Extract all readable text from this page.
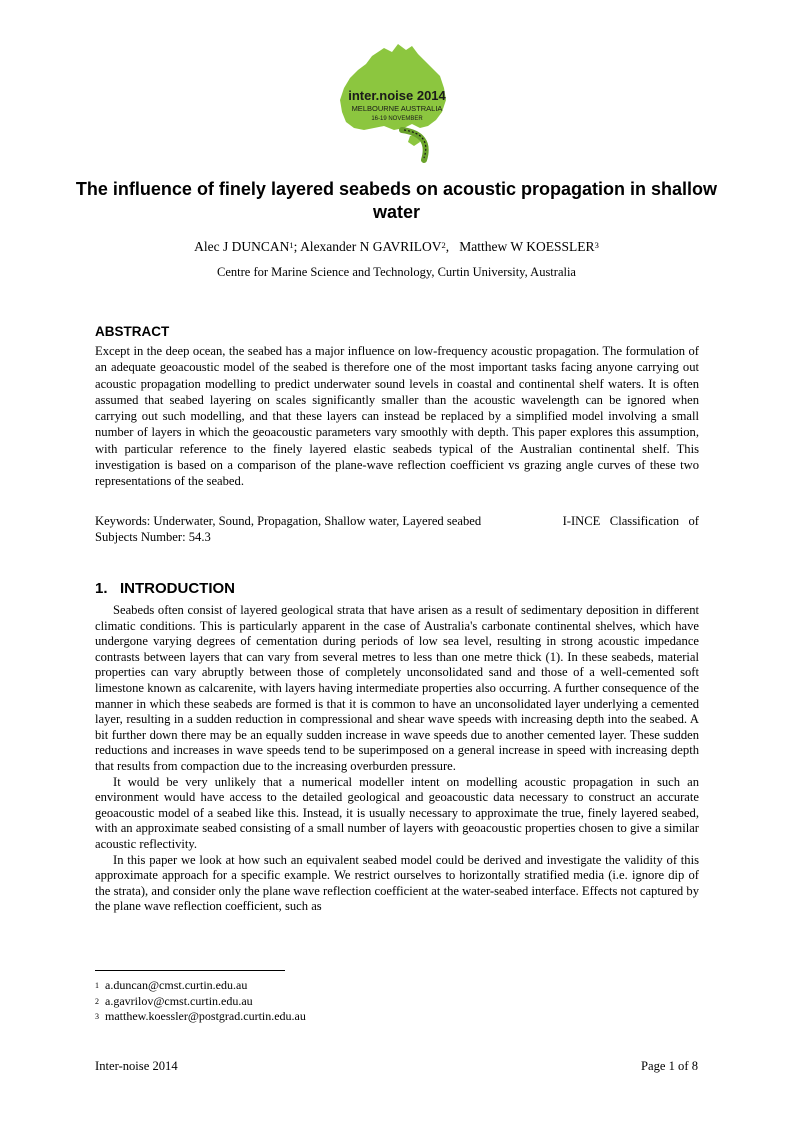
inter.noise 2014
MELBOURNE AUSTRALIA
16-19 NOVEMBER
The influence of finely layered seabeds on acoustic propagation in shallow water
Alec J DUNCAN$^1$; Alexander N GAVRILOV$^2$,   Matthew W KOESSLER$^3$
Centre for Marine Science and Technology, Curtin University, Australia
ABSTRACT
Except in the deep ocean, the seabed has a major influence on low-frequency acoustic propagation. The formulation of an adequate geoacoustic model of the seabed is therefore one of the most important tasks facing anyone carrying out acoustic propagation modelling to predict underwater sound levels in coastal and continental shelf waters. It is often assumed that seabed layering on scales significantly smaller than the acoustic wavelength can be ignored when carrying out such modelling, and that these layers can instead be replaced by a simplified model involving a small number of layers in which the geoacoustic parameters vary smoothly with depth. This paper explores this assumption, with particular reference to the finely layered elastic seabeds typical of the Australian continental shelf. This investigation is based on a comparison of the plane-wave reflection coefficient vs grazing angle curves of these two representations of the seabed.
Keywords: Underwater, Sound, Propagation, Shallow water, Layered seabed	I-INCE   Classification   of
Subjects Number: 54.3
1.   INTRODUCTION

Seabeds often consist of layered geological strata that have arisen as a result of sedimentary deposition in different climatic conditions. This is particularly apparent in the case of Australia's carbonate continental shelves, which have undergone varying degrees of cementation during periods of low sea level, resulting in strong acoustic impedance contrasts between layers that can vary from several metres to less than one metre thick (1). In these seabeds, material properties can vary abruptly between those of completely unconsolidated sand and those of a well-cemented soft limestone known as calcarenite, with layers having intermediate properties also occurring. A further consequence of the manner in which these seabeds are formed is that it is common to have an unconsolidated layer underlying a cemented layer, resulting in a sudden reduction in compressional and shear wave speeds with increasing depth into the seabed. A bit further down there may be an equally sudden increase in wave speeds due to another cemented layer. These sudden reductions and increases in wave speeds tend to be superimposed on a general increase in speed with increasing depth that results from compaction due to the increasing overburden pressure.

It would be very unlikely that a numerical modeller intent on modelling acoustic propagation in such an environment would have access to the detailed geological and geoacoustic data necessary to construct an accurate geoacoustic model of a seabed like this. Instead, it is usually necessary to approximate the true, finely layered seabed, with an approximate seabed consisting of a small number of layers with geoacoustic properties chosen to give a similar acoustic reflectivity.

In this paper we look at how such an equivalent seabed model could be derived and investigate the validity of this approximate approach for a specific example. We restrict ourselves to horizontally stratified media (i.e. ignore dip of the strata), and consider only the plane wave reflection coefficient at the water-seabed interface. Effects not captured by the plane wave reflection coefficient, such as

$^1$ a.duncan@cmst.curtin.edu.au
$^2$ a.gavrilov@cmst.curtin.edu.au
$^3$ matthew.koessler@postgrad.curtin.edu.au
Inter-noise 2014	Page 1 of 8
